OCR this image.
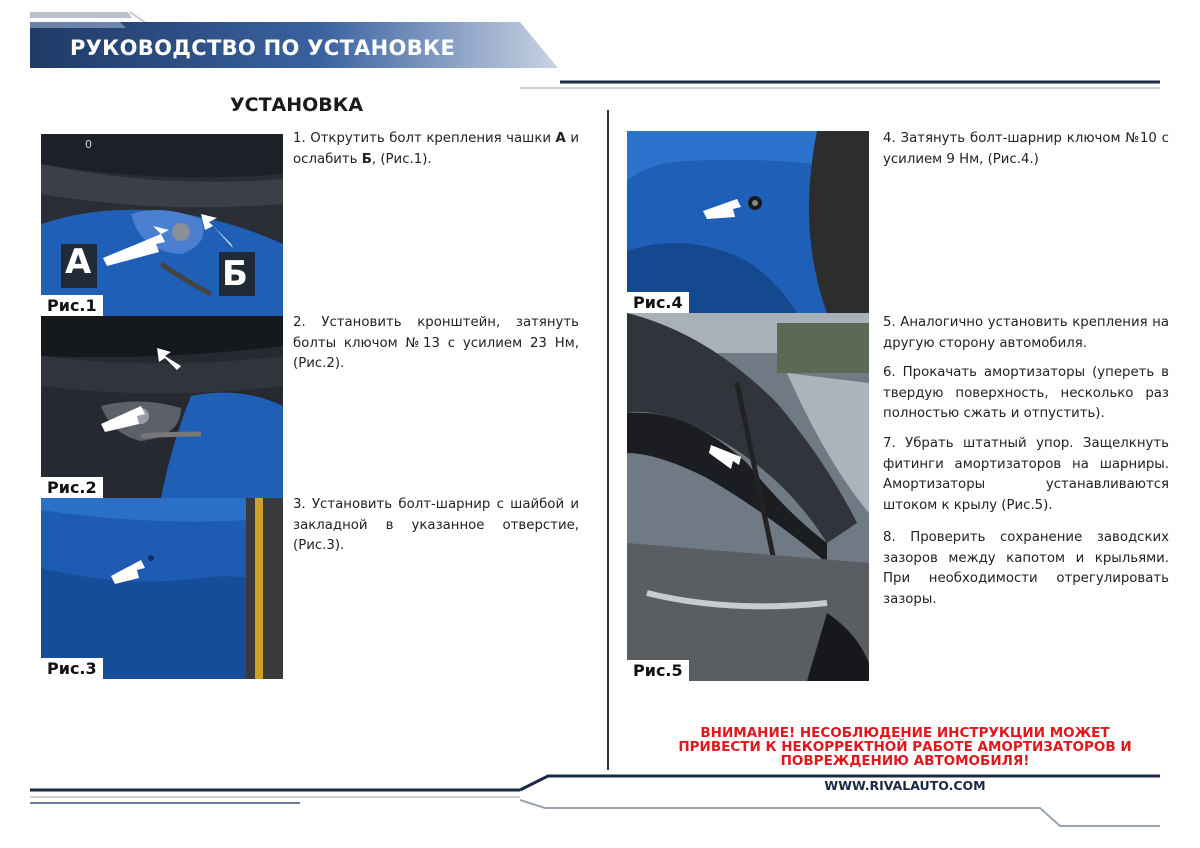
РУКОВОДСТВО ПО УСТАНОВКЕ
УСТАНОВКА
А	Б
0
Рис.1
Рис.2
Рис.3
Рис.4
Рис.5
1. Открутить болт крепления чашки А и ослабить Б, (Рис.1).
2. Установить кронштейн, затянуть болты ключом №13 с усилием 23 Нм, (Рис.2).
3. Установить болт-шарнир с шайбой и закладной в указанное отверстие, (Рис.3).
4. Затянуть болт-шарнир ключом №10 с усилием 9 Нм, (Рис.4.)
5. Аналогично установить крепления на другую сторону автомобиля.
6. Прокачать амортизаторы (упереть в твердую поверхность, несколько раз полностью сжать и отпустить).
7. Убрать штатный упор. Защелкнуть фитинги амортизаторов на шарниры. Амортизаторы устанавливаются штоком к крылу (Рис.5).
8. Проверить сохранение заводских зазоров между капотом и крыльями. При необходимости отрегулировать зазоры.
ВНИМАНИЕ! НЕСОБЛЮДЕНИЕ ИНСТРУКЦИИ МОЖЕТ ПРИВЕСТИ К НЕКОРРЕКТНОЙ РАБОТЕ АМОРТИЗАТОРОВ И ПОВРЕЖДЕНИЮ АВТОМОБИЛЯ!
WWW.RIVALAUTO.COM
